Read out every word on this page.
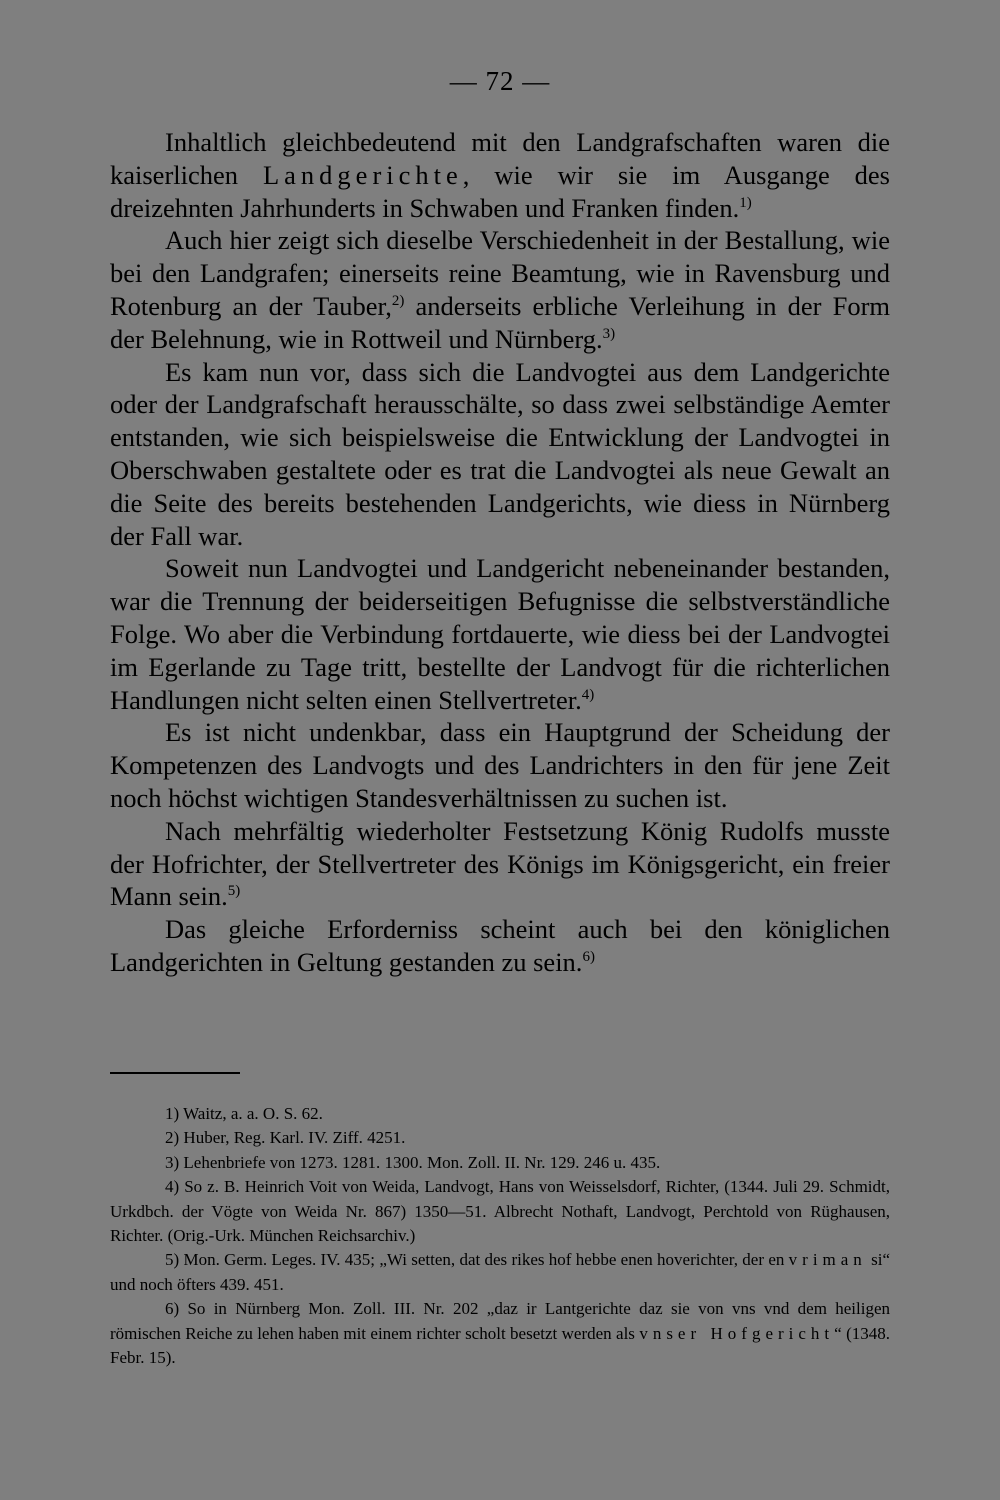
— 72 —

Inhaltlich gleichbedeutend mit den Landgrafschaften waren die kaiserlichen Landgerichte, wie wir sie im Ausgange des dreizehnten Jahrhunderts in Schwaben und Franken finden.$^{1)}$

Auch hier zeigt sich dieselbe Verschiedenheit in der Bestallung, wie bei den Landgrafen; einerseits reine Beamtung, wie in Ravensburg und Rotenburg an der Tauber,$^{2)}$ anderseits erbliche Verleihung in der Form der Belehnung, wie in Rottweil und Nürnberg.$^{3)}$

Es kam nun vor, dass sich die Landvogtei aus dem Landgerichte oder der Landgrafschaft herausschälte, so dass zwei selbständige Aemter entstanden, wie sich beispielsweise die Entwicklung der Landvogtei in Oberschwaben gestaltete oder es trat die Landvogtei als neue Gewalt an die Seite des bereits bestehenden Landgerichts, wie diess in Nürnberg der Fall war.

Soweit nun Landvogtei und Landgericht nebeneinander bestanden, war die Trennung der beiderseitigen Befugnisse die selbstverständliche Folge. Wo aber die Verbindung fortdauerte, wie diess bei der Landvogtei im Egerlande zu Tage tritt, bestellte der Landvogt für die richterlichen Handlungen nicht selten einen Stellvertreter.$^{4)}$

Es ist nicht undenkbar, dass ein Hauptgrund der Scheidung der Kompetenzen des Landvogts und des Landrichters in den für jene Zeit noch höchst wichtigen Standesverhältnissen zu suchen ist.

Nach mehrfältig wiederholter Festsetzung König Rudolfs musste der Hofrichter, der Stellvertreter des Königs im Königsgericht, ein freier Mann sein.$^{5)}$

Das gleiche Erforderniss scheint auch bei den königlichen Landgerichten in Geltung gestanden zu sein.$^{6)}$

1) Waitz, a. a. O. S. 62.

2) Huber, Reg. Karl. IV. Ziff. 4251.

3) Lehenbriefe von 1273. 1281. 1300. Mon. Zoll. II. Nr. 129. 246 u. 435.

4) So z. B. Heinrich Voit von Weida, Landvogt, Hans von Weisselsdorf, Richter, (1344. Juli 29. Schmidt, Urkdbch. der Vögte von Weida Nr. 867) 1350—51. Albrecht Nothaft, Landvogt, Perchtold von Rüghausen, Richter. (Orig.-Urk. München Reichsarchiv.)

5) Mon. Germ. Leges. IV. 435; „Wi setten, dat des rikes hof hebbe enen hoverichter, der en vriman si“ und noch öfters 439. 451.

6) So in Nürnberg Mon. Zoll. III. Nr. 202 „daz ir Lantgerichte daz sie von vns vnd dem heiligen römischen Reiche zu lehen haben mit einem richter scholt besetzt werden als vnser Hofgericht“ (1348. Febr. 15).
